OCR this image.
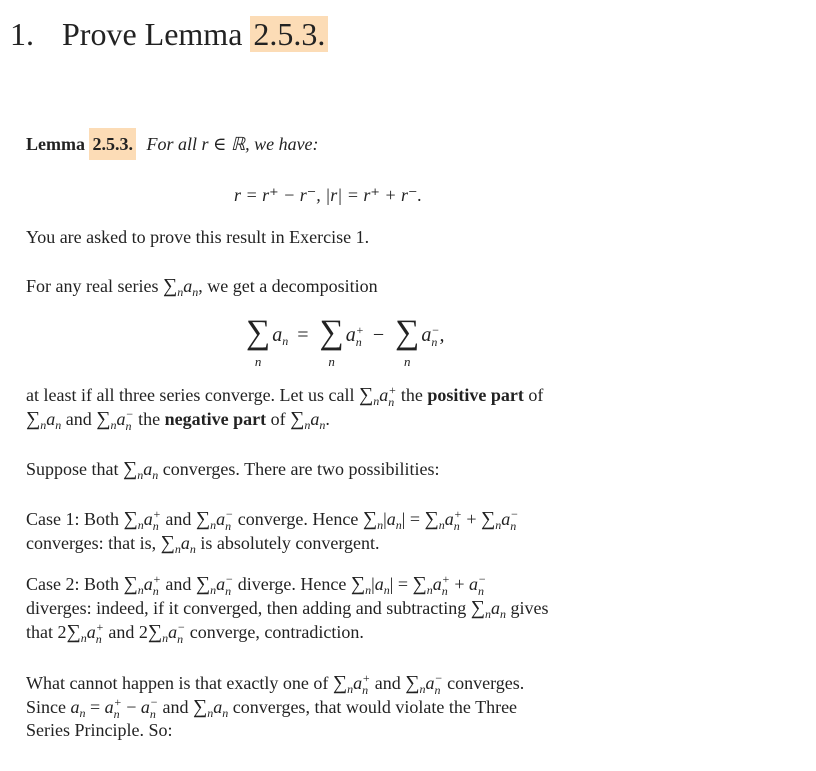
1. Prove Lemma 2.5.3.
Lemma 2.5.3. For all r ∈ ℝ, we have:
r = r⁺ − r⁻, |r| = r⁺ + r⁻.
You are asked to prove this result in Exercise 1.
For any real series $\sum_na_n$, we get a decomposition
∑
n
$a_n$ = ∑
n
a +
n − ∑
n
a −
n ,
at least if all three series converge. Let us call $\sum_na$ +
n the positive part of
$\sum_na_n$ and $\sum_na$ −
n the negative part of $\sum_na_n$.
Suppose that $\sum_na_n$ converges. There are two possibilities:
Case 1: Both $\sum_na$ +
n and $\sum_na$ −
n converge. Hence $\sum_n|a_n| = \sum_na$ +
$n + \sum_na$ −
n
converges: that is, $\sum_na_n$ is absolutely convergent.
Case 2: Both $\sum_na$ +
n and $\sum_na$ −
n diverge. Hence $\sum_n|a_n| = \sum_na$ +
n + a −
n
diverges: indeed, if it converged, then adding and subtracting $\sum_na_n$ gives
that $2\sum_na$ +
n and $2\sum_na$ −
n converge, contradiction.
What cannot happen is that exactly one of $\sum_na$ +
n and $\sum_na$ −
n converges.
Since $a_n = a$ +
n − a −
n and $\sum_na_n$ converges, that would violate the Three
Series Principle. So:
